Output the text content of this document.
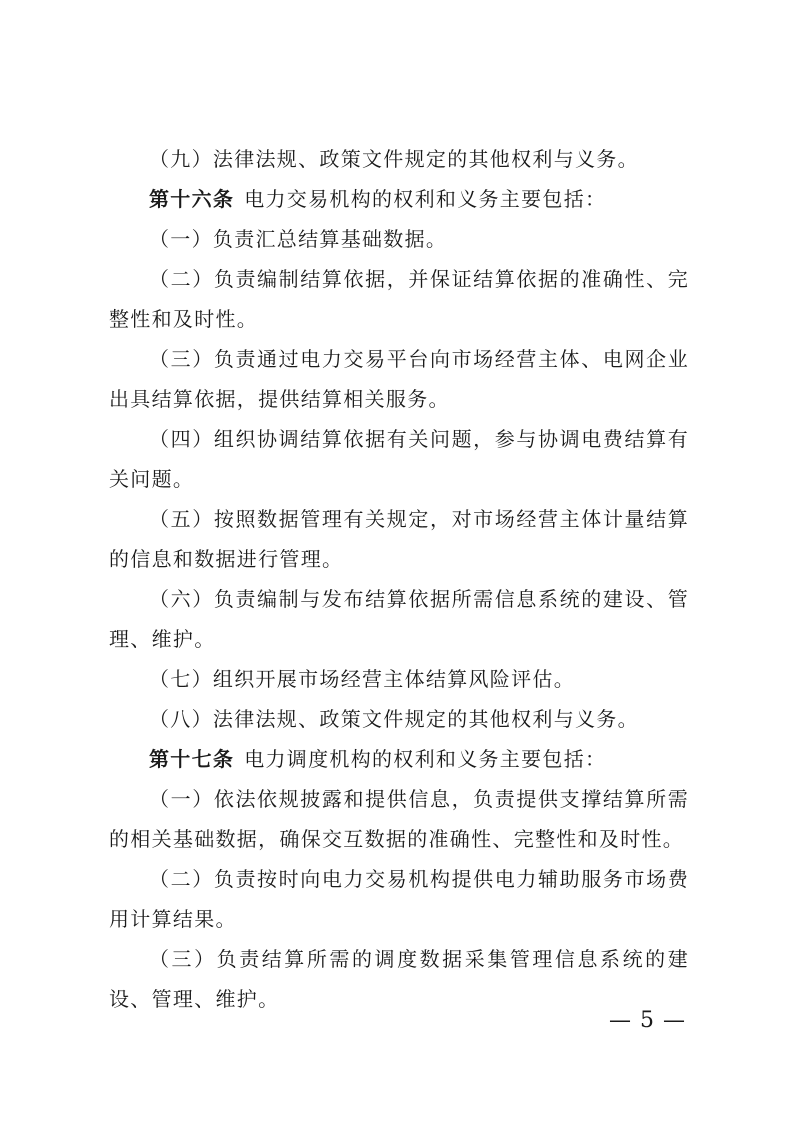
（九）法律法规、政策文件规定的其他权利与义务。

第十六条 电力交易机构的权利和义务主要包括：

（一）负责汇总结算基础数据。

（二）负责编制结算依据，并保证结算依据的准确性、完整性和及时性。

（三）负责通过电力交易平台向市场经营主体、电网企业出具结算依据，提供结算相关服务。

（四）组织协调结算依据有关问题，参与协调电费结算有关问题。

（五）按照数据管理有关规定，对市场经营主体计量结算的信息和数据进行管理。

（六）负责编制与发布结算依据所需信息系统的建设、管理、维护。

（七）组织开展市场经营主体结算风险评估。

（八）法律法规、政策文件规定的其他权利与义务。

第十七条 电力调度机构的权利和义务主要包括：

（一）依法依规披露和提供信息，负责提供支撑结算所需的相关基础数据，确保交互数据的准确性、完整性和及时性。

（二）负责按时向电力交易机构提供电力辅助服务市场费用计算结果。

（三）负责结算所需的调度数据采集管理信息系统的建设、管理、维护。

— 5 —
